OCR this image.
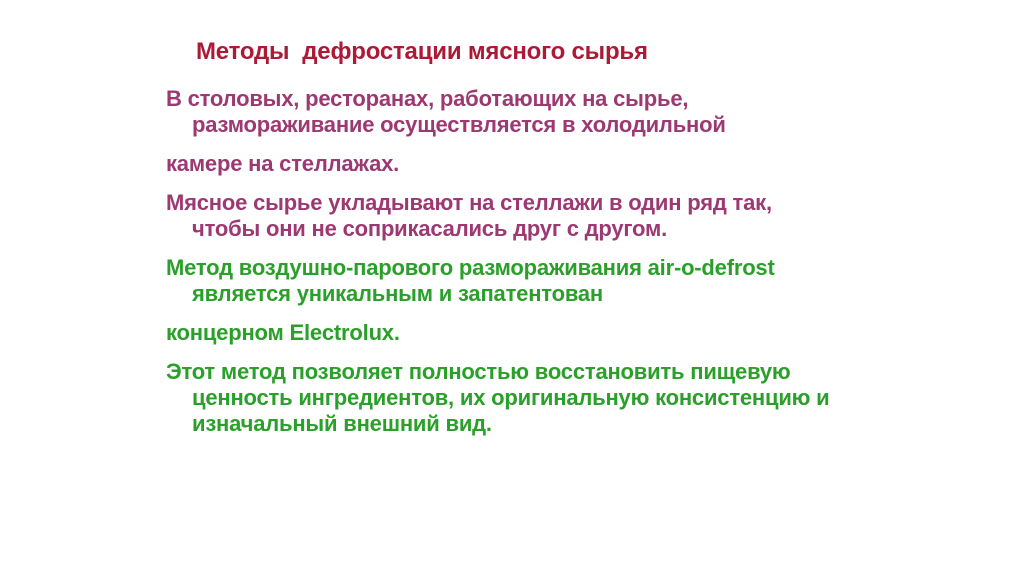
Методы  дефростации мясного сырья

В столовых, ресторанах, работающих на сырье,
размораживание осуществляется в холодильной

камере на стеллажах.

Мясное сырье укладывают на стеллажи в один ряд так,
чтобы они не соприкасались друг с другом.

Метод воздушно-парового размораживания air-o-defrost
является уникальным и запатентован

концерном Electrolux.

Этот метод позволяет полностью восстановить пищевую
ценность ингредиентов, их оригинальную консистенцию и
изначальный внешний вид.
